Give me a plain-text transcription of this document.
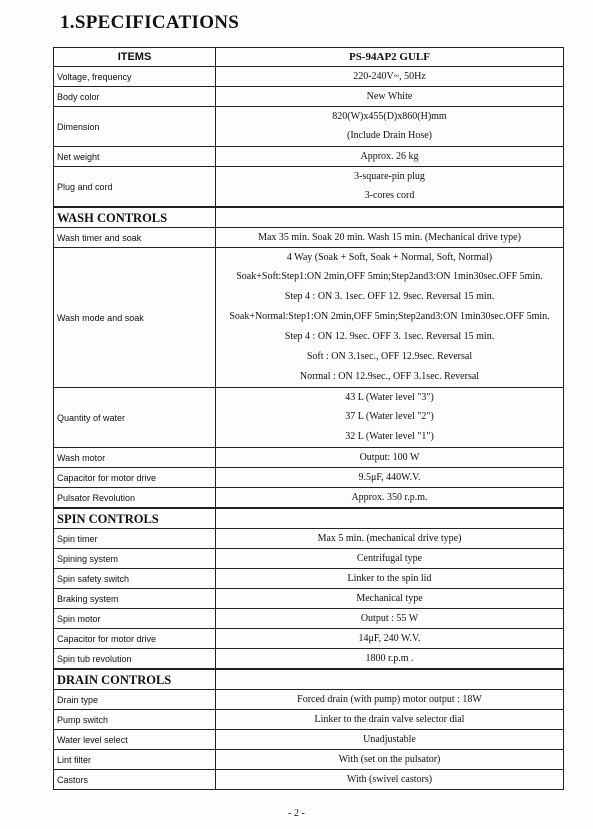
1.SPECIFICATIONS
ITEMS	PS-94AP2 GULF
Voltage, frequency	220-240V~, 50Hz
Body color	New White
Dimension	820(W)x455(D)x860(H)mm
	(Include Drain Hose)
Net weight	Approx. 26 kg
Plug and cord	3-square-pin plug
	3-cores cord
WASH CONTROLS	
Wash timer and soak	Max 35 min. Soak 20 min. Wash 15 min. (Mechanical drive type)
Wash mode and soak	4 Way (Soak + Soft, Soak + Normal, Soft, Normal)
	Soak+Soft:Step1:ON 2min,OFF 5min;Step2and3:ON 1min30sec.OFF 5min.
	Step 4 : ON 3. 1sec. OFF 12. 9sec. Reversal 15 min.
	Soak+Normal:Step1:ON 2min,OFF 5min;Step2and3:ON 1min30sec.OFF 5min.
	Step 4 : ON 12. 9sec. OFF 3. 1sec. Reversal 15 min.
	Soft : ON 3.1sec., OFF 12.9sec. Reversal
	Normal : ON 12.9sec., OFF 3.1sec. Reversal
Quantity of water	43 L (Water level "3")
	37 L (Water level "2")
	32 L (Water level "1")
Wash motor	Output: 100 W
Capacitor for motor drive	9.5μF, 440W.V.
Pulsator Revolution	Approx. 350 r.p.m.
SPIN CONTROLS	
Spin timer	Max 5 min. (mechanical drive type)
Spining system	Centrifugal type
Spin safety switch	Linker to the spin lid
Braking system	Mechanical type
Spin motor	Output : 55 W
Capacitor for motor drive	14μF, 240 W.V.
Spin tub revolution	1800 r.p.m .
DRAIN CONTROLS	
Drain type	Forced drain (with pump) motor output : 18W
Pump switch	Linker to the drain valve selector dial
Water level select	Unadjustable
Lint filter	With (set on the pulsator)
Castors	With (swivel castors)
- 2 -
